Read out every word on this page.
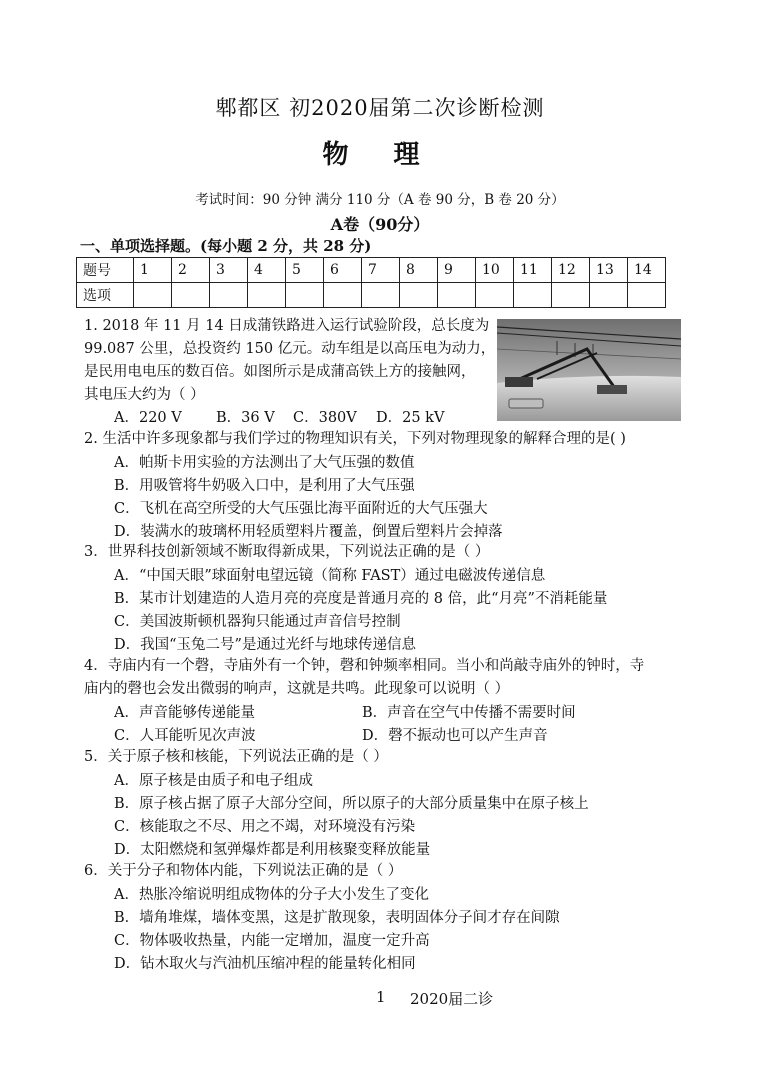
郫都区 初2020届第二次诊断检测
物 理
考试时间：90 分钟 满分 110 分（A 卷 90 分，B 卷 20 分）
A卷（90分）
一、单项选择题。(每小题 2 分，共 28 分)
题号	1	2	3	4	5	6	7	8	9	10	11	12	13	14
选项														
1. 2018 年 11 月 14 日成蒲铁路进入运行试验阶段，总长度为
99.087 公里，总投资约 150 亿元。动车组是以高压电为动力，
是民用电电压的数百倍。如图所示是成蒲高铁上方的接触网，
其电压大约为（ ）
A．220 V B．36 V C．380V D．25 kV
2. 生活中许多现象都与我们学过的物理知识有关，下列对物理现象的解释合理的是( )
A．帕斯卡用实验的方法测出了大气压强的数值
B．用吸管将牛奶吸入口中，是利用了大气压强
C．飞机在高空所受的大气压强比海平面附近的大气压强大
D．装满水的玻璃杯用轻质塑料片覆盖，倒置后塑料片会掉落
3．世界科技创新领域不断取得新成果，下列说法正确的是（ ）
A．“中国天眼”球面射电望远镜（简称 FAST）通过电磁波传递信息
B．某市计划建造的人造月亮的亮度是普通月亮的 8 倍，此“月亮”不消耗能量
C．美国波斯顿机器狗只能通过声音信号控制
D．我国“玉兔二号”是通过光纤与地球传递信息
4．寺庙内有一个磬，寺庙外有一个钟，磬和钟频率相同。当小和尚敲寺庙外的钟时，寺
庙内的磬也会发出微弱的响声，这就是共鸣。此现象可以说明（ ）
A．声音能够传递能量	B．声音在空气中传播不需要时间
C．人耳能听见次声波	D．磬不振动也可以产生声音
5．关于原子核和核能，下列说法正确的是（ ）
A．原子核是由质子和电子组成
B．原子核占据了原子大部分空间，所以原子的大部分质量集中在原子核上
C．核能取之不尽、用之不竭，对环境没有污染
D．太阳燃烧和氢弹爆炸都是利用核聚变释放能量
6．关于分子和物体内能，下列说法正确的是（ ）
A．热胀冷缩说明组成物体的分子大小发生了变化
B．墙角堆煤，墙体变黑，这是扩散现象，表明固体分子间才存在间隙
C．物体吸收热量，内能一定增加，温度一定升高
D．钻木取火与汽油机压缩冲程的能量转化相同
1 2020届二诊
